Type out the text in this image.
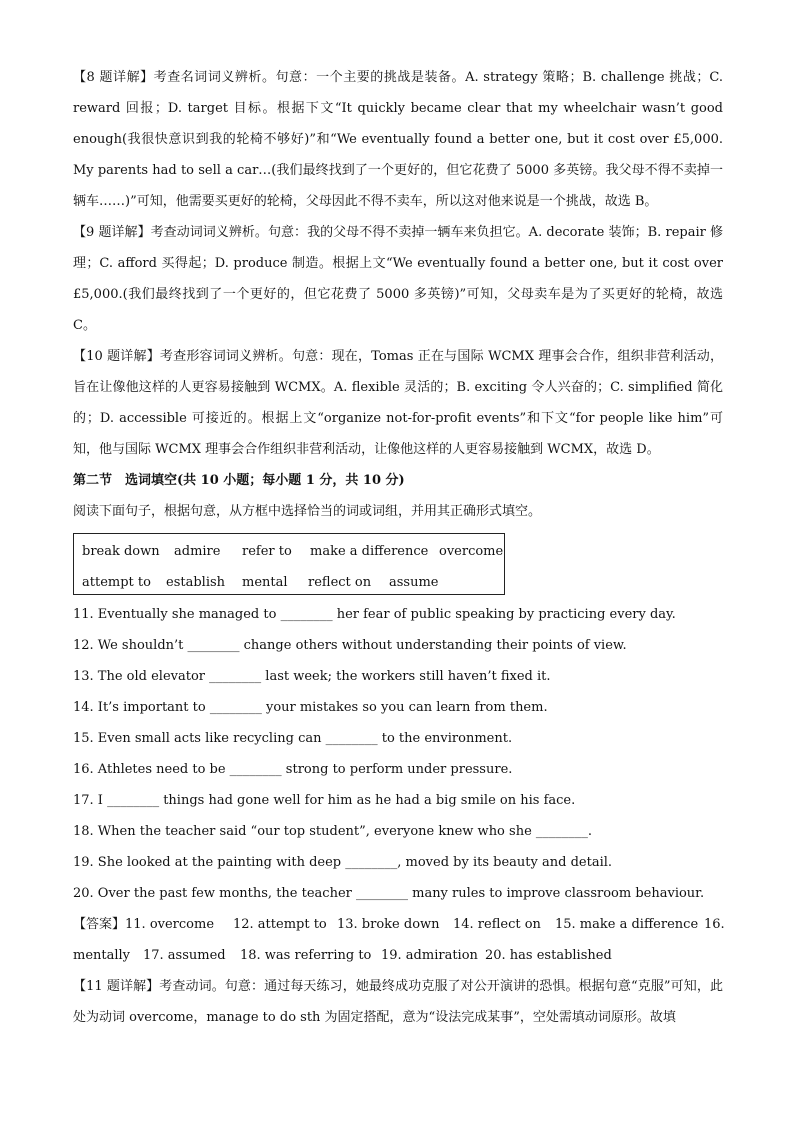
【8 题详解】考查名词词义辨析。句意：一个主要的挑战是装备。A. strategy 策略；B. challenge 挑战；C. reward 回报；D. target 目标。根据下文“It quickly became clear that my wheelchair wasn’t good enough(我很快意识到我的轮椅不够好)”和“We eventually found a better one, but it cost over £5,000. My parents had to sell a car…(我们最终找到了一个更好的，但它花费了 5000 多英镑。我父母不得不卖掉一辆车……)”可知，他需要买更好的轮椅，父母因此不得不卖车，所以这对他来说是一个挑战，故选 B。

【9 题详解】考查动词词义辨析。句意：我的父母不得不卖掉一辆车来负担它。A. decorate 装饰；B. repair 修理；C. afford 买得起；D. produce 制造。根据上文“We eventually found a better one, but it cost over £5,000.(我们最终找到了一个更好的，但它花费了 5000 多英镑)”可知，父母卖车是为了买更好的轮椅，故选 C。

【10 题详解】考查形容词词义辨析。句意：现在，Tomas 正在与国际 WCMX 理事会合作，组织非营利活动，旨在让像他这样的人更容易接触到 WCMX。A. flexible 灵活的；B. exciting 令人兴奋的；C. simplified 简化的；D. accessible 可接近的。根据上文“organize not-for-profit events”和下文“for people like him”可知，他与国际 WCMX 理事会合作组织非营利活动，让像他这样的人更容易接触到 WCMX，故选 D。

第二节　选词填空(共 10 小题；每小题 1 分，共 10 分)

阅读下面句子，根据句意，从方框中选择恰当的词或词组，并用其正确形式填空。

break down admire refer to make a difference overcome
attempt to establish mental reflect on assume

11. Eventually she managed to ________ her fear of public speaking by practicing every day.

12. We shouldn’t ________ change others without understanding their points of view.

13. The old elevator ________ last week; the workers still haven’t fixed it.

14. It’s important to ________ your mistakes so you can learn from them.

15. Even small acts like recycling can ________ to the environment.

16. Athletes need to be ________ strong to perform under pressure.

17. I ________ things had gone well for him as he had a big smile on his face.

18. When the teacher said “our top student”, everyone knew who she ________.

19. She looked at the painting with deep ________, moved by its beauty and detail.

20. Over the past few months, the teacher ________ many rules to improve classroom behaviour.

【答案】11. overcome 12. attempt to 13. broke down 14. reflect on 15. make a difference 16.

mentally 17. assumed 18. was referring to 19. admiration 20. has established

【11 题详解】考查动词。句意：通过每天练习，她最终成功克服了对公开演讲的恐惧。根据句意“克服”可知，此处为动词 overcome，manage to do sth 为固定搭配，意为“设法完成某事”，空处需填动词原形。故填
